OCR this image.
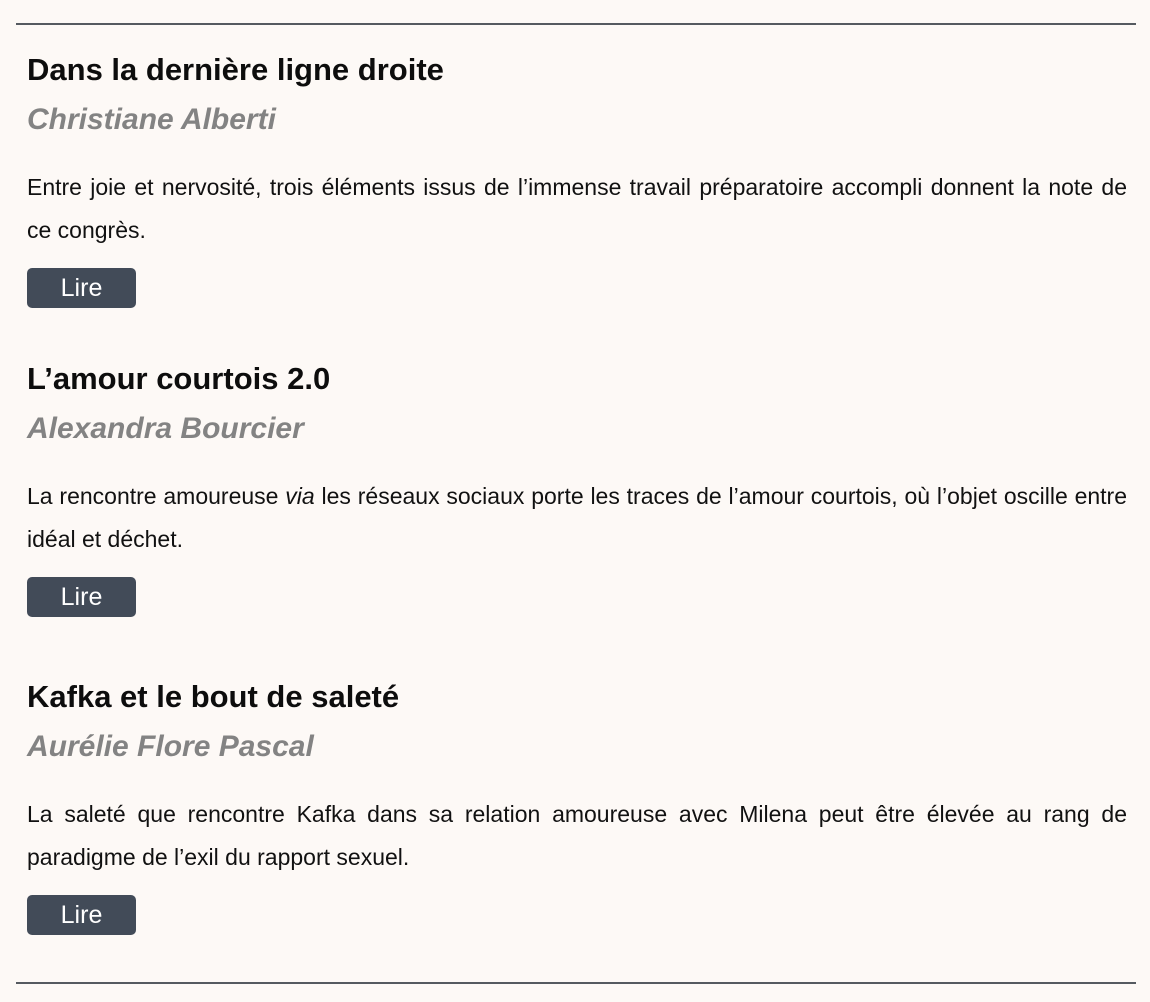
Dans la dernière ligne droite

Christiane Alberti

Entre joie et nervosité, trois éléments issus de l’immense travail préparatoire accompli donnent la note de ce congrès.

Lire
L’amour courtois 2.0

Alexandra Bourcier

La rencontre amoureuse via les réseaux sociaux porte les traces de l’amour courtois, où l’objet oscille entre idéal et déchet.

Lire
Kafka et le bout de saleté

Aurélie Flore Pascal

La saleté que rencontre Kafka dans sa relation amoureuse avec Milena peut être élevée au rang de paradigme de l’exil du rapport sexuel.

Lire
